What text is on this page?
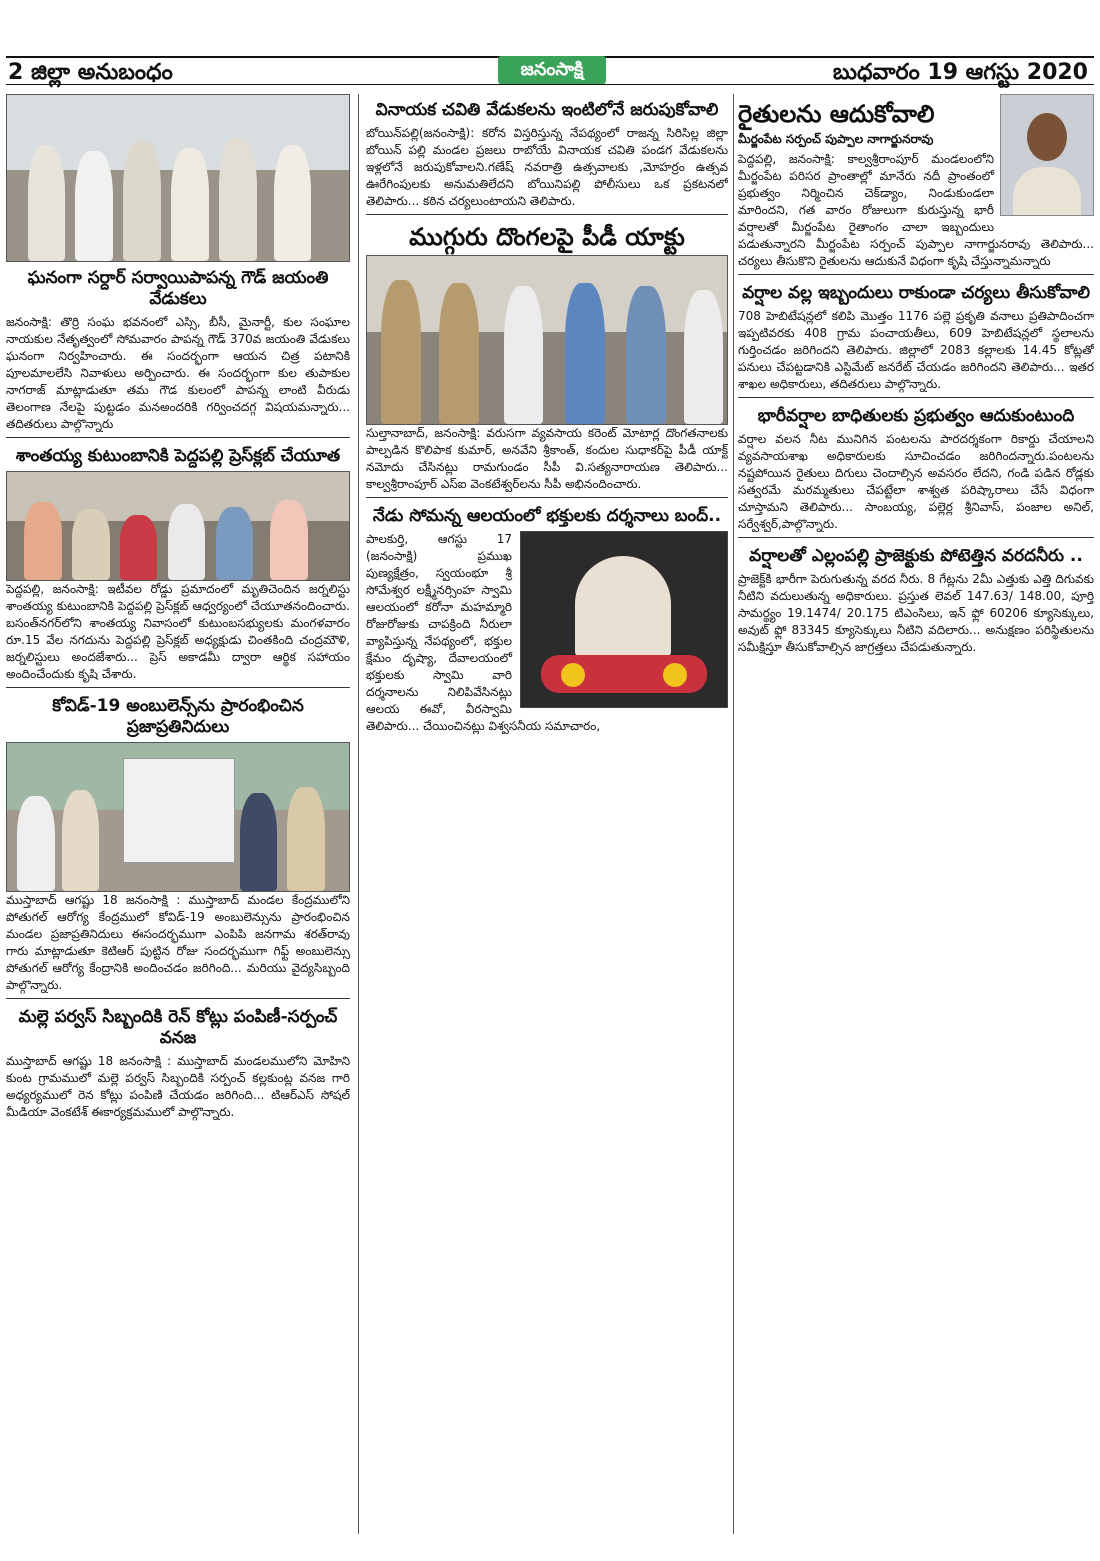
2 జిల్లా అనుబంధం	జనంసాక్షి	బుధవారం 19 ఆగస్టు 2020
ఘనంగా సర్దార్ సర్వాయిపాపన్న గౌడ్ జయంతి వేడుకలు
జనంసాక్షి: తొర్రి సంఘ భవనంలో ఎస్సి, బీసీ, మైనార్టీ, కుల సంఘాల నాయకుల నేతృత్వంలో సోమవారం పాపన్న గౌడ్ 370వ జయంతి వేడుకలు ఘనంగా నిర్వహించారు. ఈ సందర్భంగా ఆయన చిత్ర పటానికి పూలమాలలేసి నివాళులు అర్పించారు. ఈ సందర్భంగా కుల తుపాకుల నాగరాజ్ మాట్లాడుతూ తమ గౌడ కులంలో పాపన్న లాంటి వీరుడు తెలంగాణ నేలపై పుట్టడం మనఅందరికి గర్వించదగ్గ విషయమన్నారు... తదితరులు పాల్గొన్నారు
శాంతయ్య కుటుంబానికి పెద్దపల్లి ప్రెస్‌క్లబ్ చేయూత
పెద్దపల్లి, జనంసాక్షి: ఇటీవల రోడ్డు ప్రమాదంలో మృతిచెందిన జర్నలిస్టు శాంతయ్య కుటుంబానికి పెద్దపల్లి ప్రెస్‌క్లబ్ ఆధ్వర్యంలో చేయూతనందించారు. బసంత్‌నగర్‌లోని శాంతయ్య నివాసంలో కుటుంబసభ్యులకు మంగళవారం రూ.15 వేల నగదును పెద్దపల్లి ప్రెస్‌క్లబ్ అధ్యక్షుడు చింతకింది చంద్రమౌళి, జర్నలిస్టులు అందజేశారు... ప్రెస్ అకాడమీ ద్వారా ఆర్థిక సహాయం అందించేందుకు కృషి చేశారు.
కోవిడ్-19 అంబులెన్స్‌ను ప్రారంభించిన ప్రజాప్రతినిదులు
ముస్తాబాద్ ఆగష్టు 18 జనంసాక్షి : ముస్తాబాద్ మండల కేంద్రములోని పోతుగల్ ఆరోగ్య కేంద్రములో కోవిడ్-19 అంబులెన్సును ప్రారంభించిన మండల ప్రజాప్రతినిదులు ఈసందర్భముగా ఎంపిపి జనగామ శరత్‌రావు గారు మాట్లాడుతూ కెటిఆర్ పుట్టిన రోజు సందర్భముగా గిఫ్ట్ అంబులెన్సు పోతుగల్ ఆరోగ్య కేంద్రానికి అందించడం జరిగింది... మరియు వైద్యసిబ్బంది పాల్గొన్నారు.
మల్లె పర్వస్ సిబ్బందికి రెన్ కోట్లు పంపిణీ-సర్పంచ్ వనజ
ముస్తాబాద్ ఆగష్టు 18 జనంసాక్షి : ముస్తాబాద్ మండలములోని మోహిని కుంట గ్రామములో మల్లె పర్వస్ సిబ్బందికి సర్పంచ్ కల్లకుంట్ల వనజ గారి అధ్యర్యములో రెన కోట్లు పంపిణి చేయడం జరిగింది... టిఆర్‌ఎస్ సోషల్ మీడియా వెంకటేశ్ ఈకార్యక్రమములో పాల్గొన్నారు.
వినాయక చవితి వేడుకలను ఇంటిలోనే జరుపుకోవాలి
బోయిన్‌పల్లి(జనంసాక్షి): కరోన విస్తరిస్తున్న నేపథ్యంలో రాజన్న సిరిసిల్ల జిల్లా బోయిన్ పల్లి మండల ప్రజలు రాబోయే వినాయక చవితి పండగ వేడుకలను ఇళ్లలోనే జరుపుకోవాలని.గణేష్ నవరాత్రి ఉత్సవాలకు ,మోహర్రం ఉత్సవ ఊరేగింపులకు అనుమతిలేదని బోయినిపల్లి పోలీసులు ఒక ప్రకటనలో తెలిపారు... కఠిన చర్యలుంటాయని తెలిపారు.
ముగ్గురు దొంగలపై పీడీ యాక్టు
సుల్తానాబాద్, జనంసాక్షి: వరుసగా వ్యవసాయ కరెంట్ మోటార్ల దొంగతనాలకు పాల్పడిన కొలిపాక కుమార్, అనవేని శ్రీకాంత్, కందుల సుధాకర్‌పై పీడీ యాక్ట్ నమోదు చేసినట్లు రామగుండం సీపీ వి.సత్యనారాయణ తెలిపారు... కాల్వశ్రీరాంపూర్ ఎస్ఐ వెంకటేశ్వర్‌లను సీపీ అభినందించారు.
నేడు సోమన్న ఆలయంలో భక్తులకు దర్శనాలు బంద్..
పాలకుర్తి, ఆగస్టు 17 (జనంసాక్షి) ప్రముఖ పుణ్యక్షేత్రం, స్వయంభూ శ్రీ సోమేశ్వర లక్ష్మీనర్సింహ స్వామి ఆలయంలో కరోనా మహమ్మారి రోజురోజుకు చాపక్రింది నీరులా వ్యాపిస్తున్న నేపథ్యంలో, భక్తుల క్షేమం దృష్యా, దేవాలయంలో భక్తులకు స్వామి వారి దర్శనాలను నిలిపివేసినట్లు ఆలయ ఈవో, వీరస్వామి తెలిపారు... చేయించినట్లు విశ్వసనీయ సమాచారం,
రైతులను ఆదుకోవాలి
మీర్జంపేట సర్పంచ్ పుప్పాల నాగార్జునరావు
పెద్దపల్లి, జనంసాక్షి: కాల్వశ్రీరాంపూర్ మండలంలోని మీర్జంపేట పరిసర ప్రాంతాల్లో మానేరు నదీ ప్రాంతంలో ప్రభుత్వం నిర్మించిన చెక్‌డ్యాం, నిండుకుండలా మారిందని, గత వారం రోజులుగా కురుస్తున్న భారీ వర్షాలతో మీర్జంపేట రైతాంగం చాలా ఇబ్బందులు పడుతున్నారని మీర్జంపేట సర్పంచ్ పుప్పాల నాగార్జునరావు తెలిపారు... చర్యలు తీసుకొని రైతులను ఆదుకునే విధంగా కృషి చేస్తున్నామన్నారు
వర్షాల వల్ల ఇబ్బందులు రాకుండా చర్యలు తీసుకోవాలి
708 హెబిటేషన్లలో కలిపి మొత్తం 1176 పల్లె ప్రకృతి వనాలు ప్రతిపాదించగా ఇప్పటివరకు 408 గ్రామ పంచాయతీలు, 609 హెబిటేషన్లలో స్థలాలను గుర్తించడం జరిగిందని తెలిపారు. జిల్లాలో 2083 కల్లాలకు 14.45 కోట్లతో పనులు చేపట్టడానికి ఎస్టిమేట్ జనరేట్ చేయడం జరిగిందని తెలిపారు... ఇతర శాఖల అధికారులు, తదితరులు పాల్గొన్నారు.
భారీవర్షాల బాధితులకు ప్రభుత్వం ఆదుకుంటుంది
వర్షాల వలన నీట మునిగిన పంటలను పారదర్శకంగా రికార్డు చేయాలని వ్యవసాయశాఖ అధికారులకు సూచించడం జరిగిందన్నారు.పంటలను నష్టపోయిన రైతులు దిగులు చెందాల్సిన అవసరం లేదని, గండి పడిన రోడ్లకు సత్వరమే మరమ్మతులు చేపట్టేలా శాశ్వత పరిష్కారాలు చేసే విధంగా చూస్తామని తెలిపారు... సాంబయ్య, పల్లెర్ల శ్రీనివాస్, పంజాల అనిల్, సర్వేశ్వర్,పాల్గొన్నారు.
వర్షాలతో ఎల్లంపల్లి ప్రాజెక్టుకు పోటెత్తిన వరదనీరు ..
ప్రాజెక్ట్‌కి భారీగా పెరుగుతున్న వరద నీరు. 8 గేట్లను 2మీ ఎత్తుకు ఎత్తి దిగువకు నీటిని వదులుతున్న అధికారులు. ప్రస్తుత లెవల్ 147.63/ 148.00, పూర్తి సామర్థ్యం 19.1474/ 20.175 టిఎంసిలు, ఇన్ ఫ్లో 60206 క్యూసెక్కులు, అవుట్ ఫ్లో 83345 క్యూసెక్కులు నీటిని వదిలారు... అనుక్షణం పరిస్థితులను సమీక్షిస్తూ తీసుకోవాల్సిన జాగ్రత్తలు చేపడుతున్నారు.
